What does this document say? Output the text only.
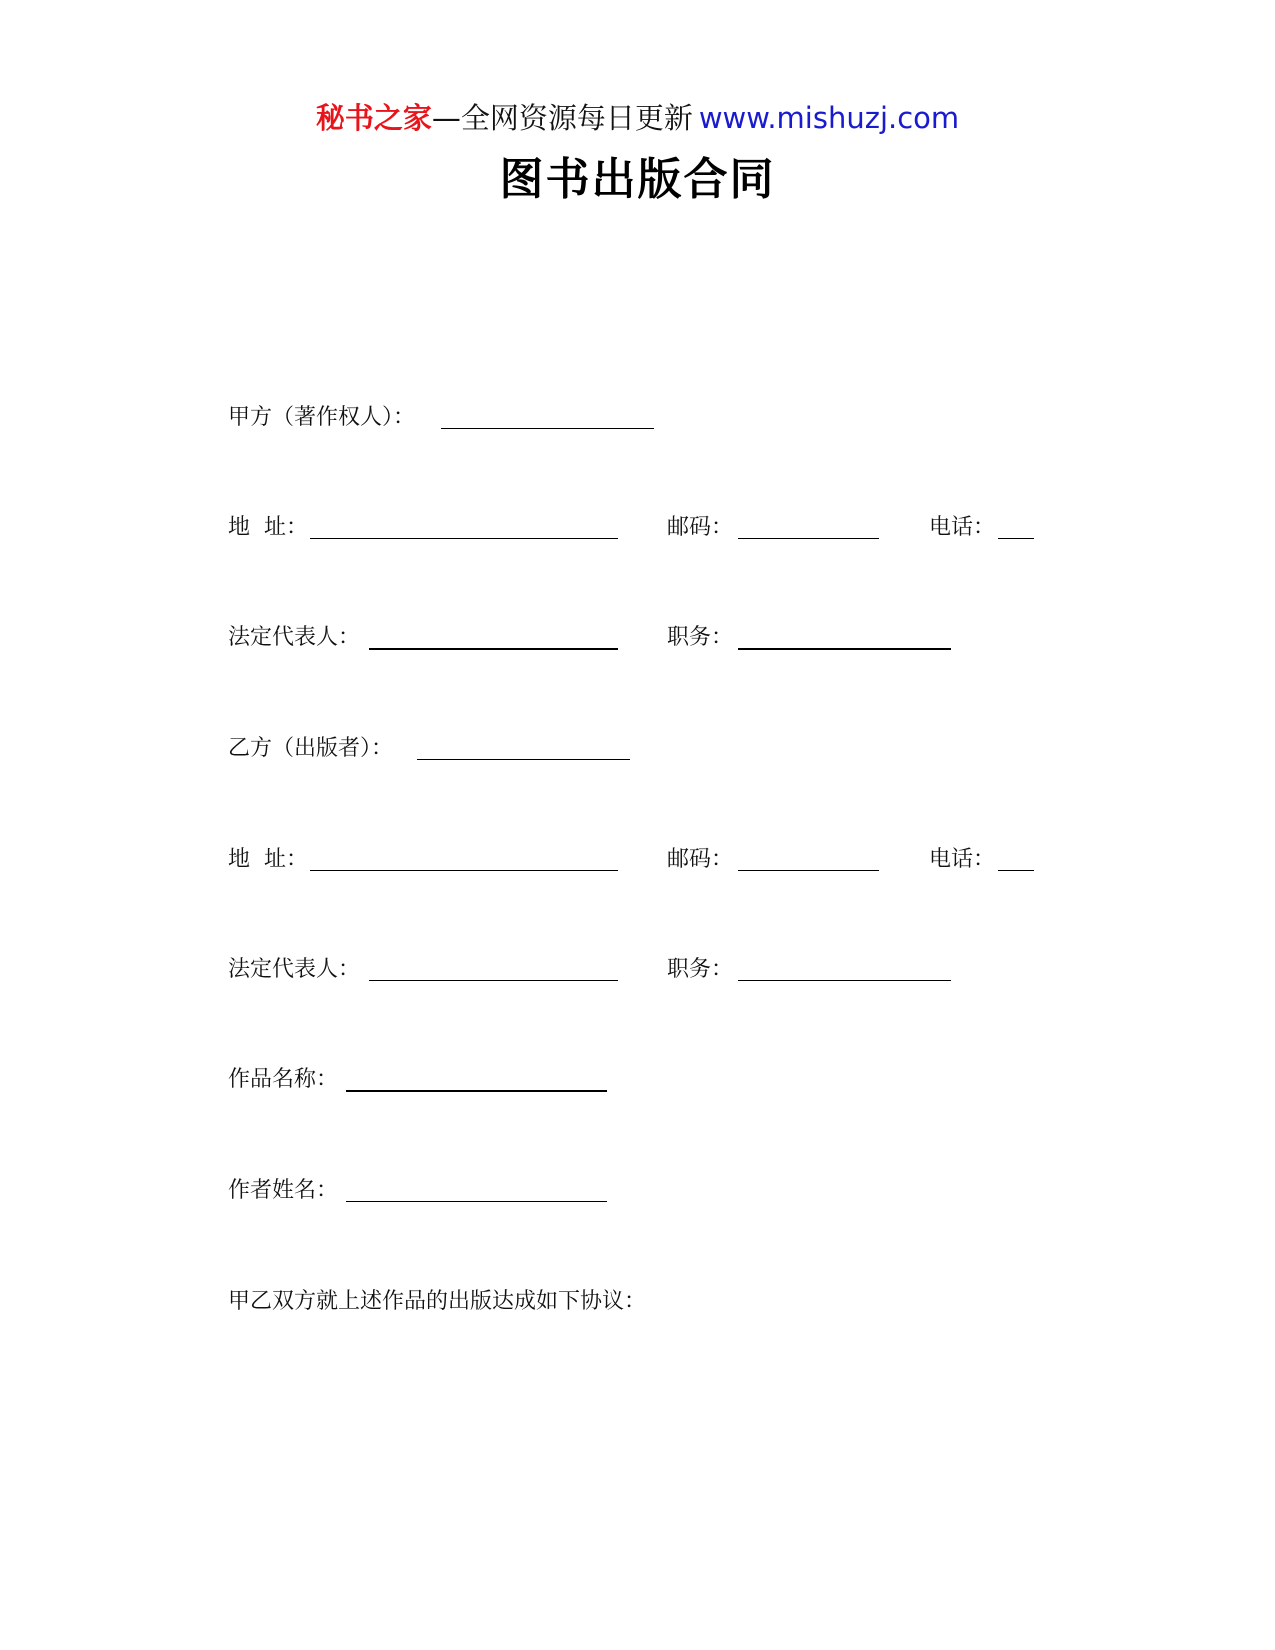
秘书之家—全网资源每日更新 www.mishuzj.com
图书出版合同
甲方（著作权人）：
地  址：	邮码：	电话：
法定代表人：	职务：
乙方（出版者）：
地  址：	邮码：	电话：
法定代表人：	职务：
作品名称：
作者姓名：
甲乙双方就上述作品的出版达成如下协议：
